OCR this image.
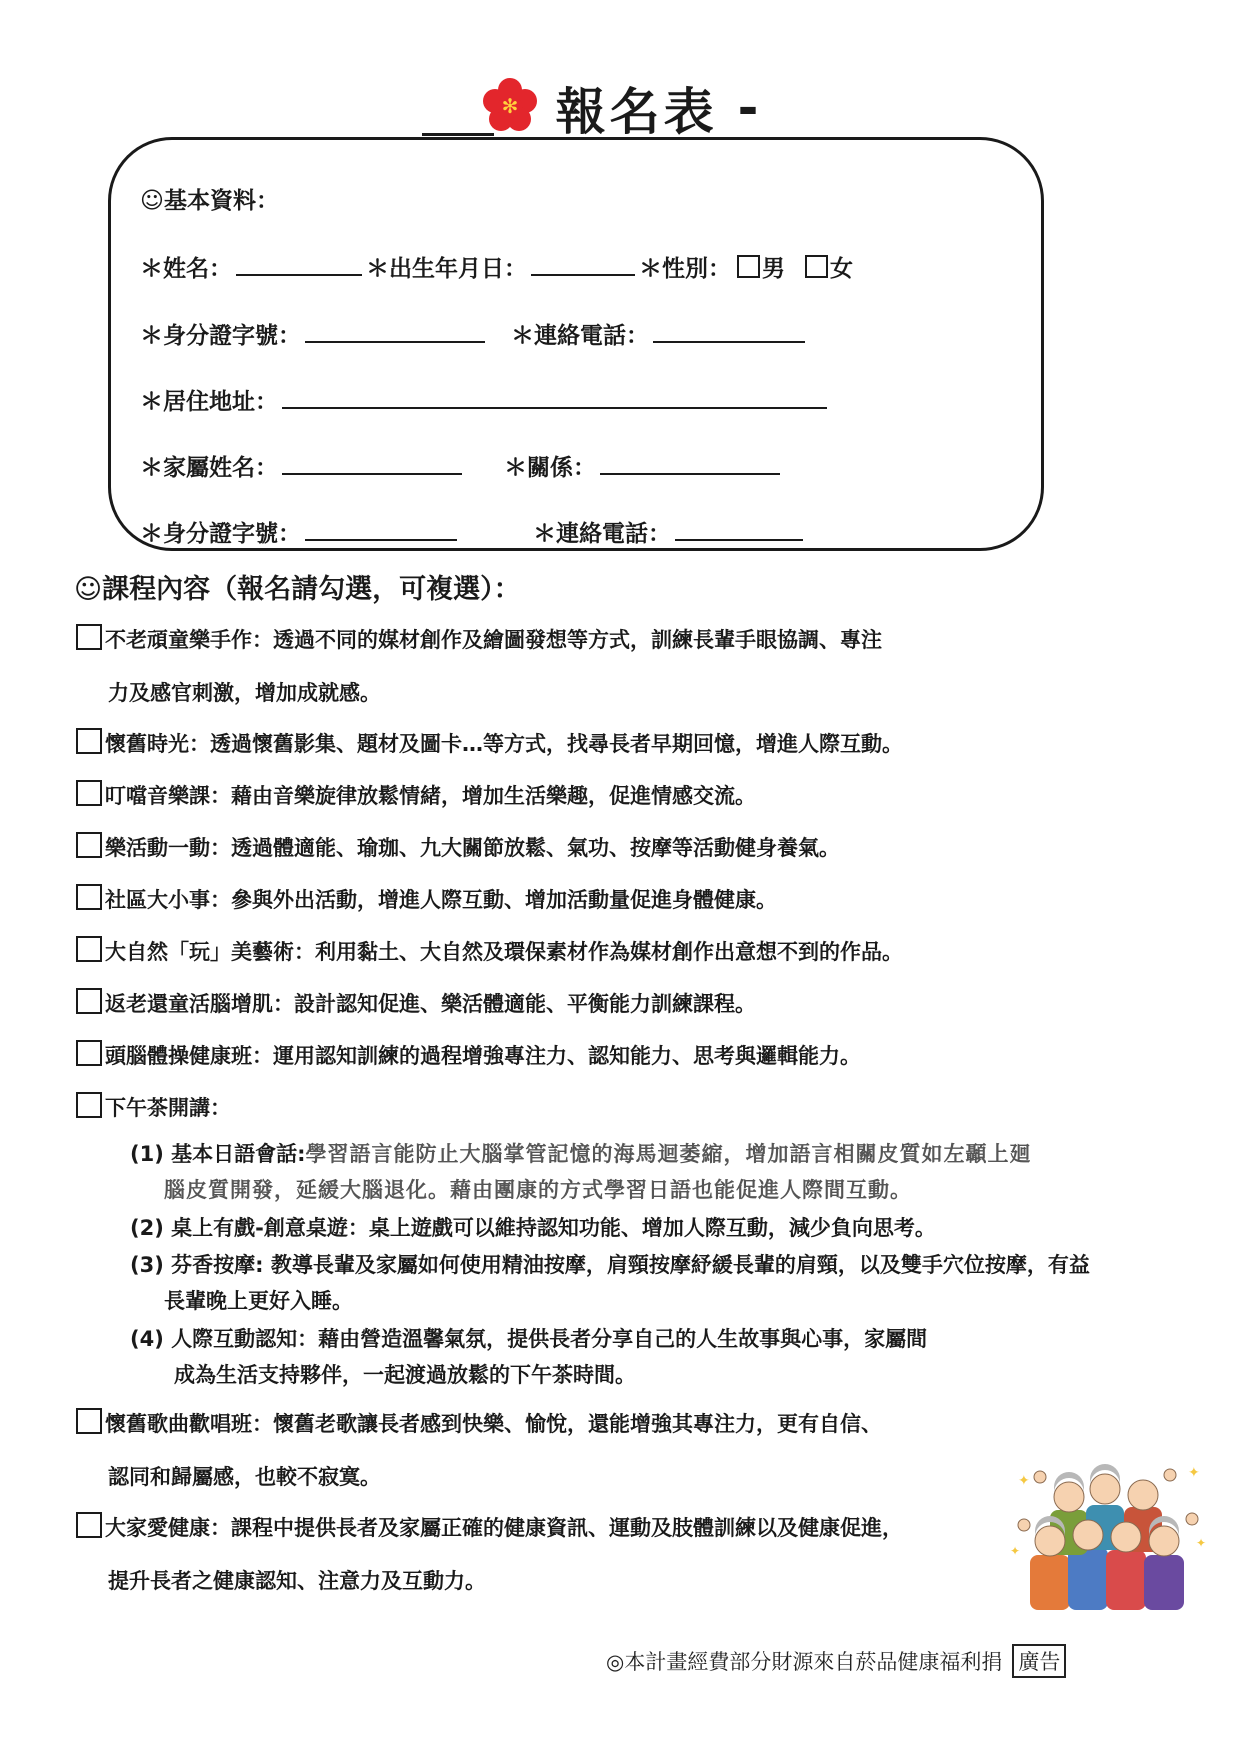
✻ 報名表 -
☺基本資料：
＊姓名：	＊出生年月日：	＊性別： 男 女
＊身分證字號：	＊連絡電話：
＊居住地址：
＊家屬姓名：	＊關係：
＊身分證字號：	＊連絡電話：
☺課程內容（報名請勾選，可複選）：
不老頑童樂手作：透過不同的媒材創作及繪圖發想等方式，訓練長輩手眼協調、專注
力及感官刺激，增加成就感。
懷舊時光：透過懷舊影集、題材及圖卡…等方式，找尋長者早期回憶，增進人際互動。
叮噹音樂課：藉由音樂旋律放鬆情緒，增加生活樂趣，促進情感交流。
樂活動一動：透過體適能、瑜珈、九大關節放鬆、氣功、按摩等活動健身養氣。
社區大小事：參與外出活動，增進人際互動、增加活動量促進身體健康。
大自然「玩」美藝術：利用黏土、大自然及環保素材作為媒材創作出意想不到的作品。
返老還童活腦增肌：設計認知促進、樂活體適能、平衡能力訓練課程。
頭腦體操健康班：運用認知訓練的過程增強專注力、認知能力、思考與邏輯能力。
下午茶開講：
(1) 基本日語會話:學習語言能防止大腦掌管記憶的海馬迴萎縮，增加語言相關皮質如左顳上廻
腦皮質開發，延緩大腦退化。藉由團康的方式學習日語也能促進人際間互動。
(2) 桌上有戲-創意桌遊：桌上遊戲可以維持認知功能、增加人際互動，減少負向思考。
(3) 芬香按摩: 教導長輩及家屬如何使用精油按摩，肩頸按摩紓緩長輩的肩頸，以及雙手穴位按摩，有益
長輩晚上更好入睡。
(4) 人際互動認知：藉由營造溫馨氣氛，提供長者分享自己的人生故事與心事，家屬間
成為生活支持夥伴，一起渡過放鬆的下午茶時間。
懷舊歌曲歡唱班：懷舊老歌讓長者感到快樂、愉悅，還能增強其專注力，更有自信、
認同和歸屬感，也較不寂寞。
大家愛健康：課程中提供長者及家屬正確的健康資訊、運動及肢體訓練以及健康促進，
提升長者之健康認知、注意力及互動力。
✦	✦
✦
✦
◎本計畫經費部分財源來自菸品健康福利捐 廣告
